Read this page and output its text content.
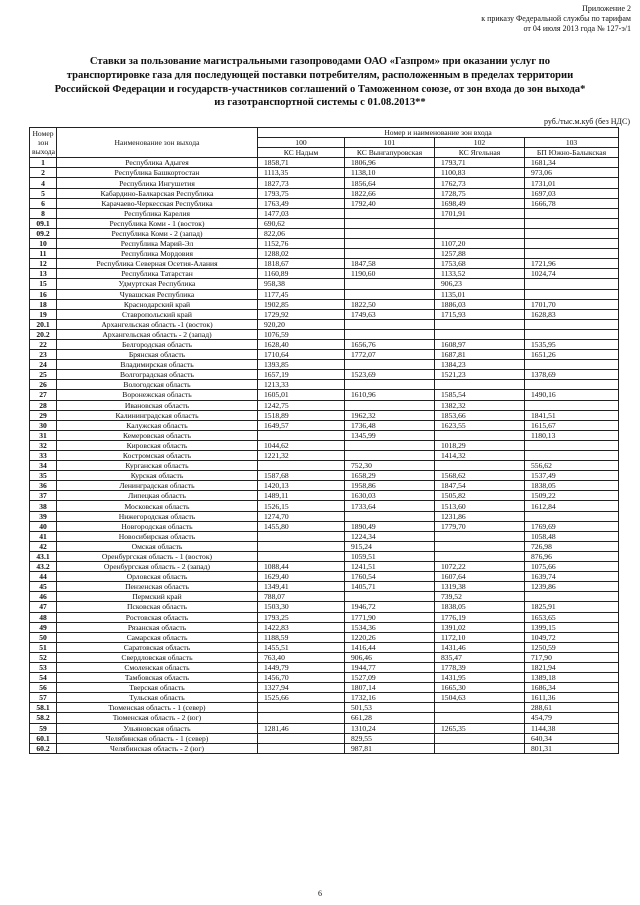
Приложение 2
к приказу Федеральной службы по тарифам
от 04 июля 2013 года № 127-э/1
Ставки за пользование магистральными газопроводами ОАО «Газпром» при оказании услуг по
транспортировке газа для последующей поставки потребителям, расположенным в пределах территории
Российской Федерации и государств-участников соглашений о Таможенном союзе, от зон входа до зон выхода*
из газотранспортной системы с 01.08.2013**
руб./тыс.м.куб (без НДС)
Номер
зон
выхода	Наименование зон выхода	Номер и наименование зон входа			
		100	101	102	103
		КС Надым	КС Вынгапуровская	КС Ягельная	БП Южно-Балыкская
1	Республика Адыгея	1858,71	1806,96	1793,71	1681,34
2	Республика Башкортостан	1113,35	1138,10	1100,83	973,06
4	Республика Ингушетия	1827,73	1856,64	1762,73	1731,01
5	Кабардино-Балкарская Республика	1793,75	1822,66	1728,75	1697,03
6	Карачаево-Черкесская Республика	1763,49	1792,40	1698,49	1666,78
8	Республика Карелия	1477,03		1701,91	
09.1	Республика Коми - 1 (восток)	690,62			
09.2	Республика Коми - 2 (запад)	822,06			
10	Республика Марий-Эл	1152,76		1107,20	
11	Республика Мордовия	1288,02		1257,88	
12	Республика Северная Осетия-Алания	1818,67	1847,58	1753,68	1721,96
13	Республика Татарстан	1160,89	1190,60	1133,52	1024,74
15	Удмуртская Республика	958,38		906,23	
16	Чувашская Республика	1177,45		1135,01	
18	Краснодарский край	1902,85	1822,50	1886,03	1701,70
19	Ставропольский край	1729,92	1749,63	1715,93	1628,83
20.1	Архангельская область -1 (восток)	920,20			
20.2	Архангельская область - 2 (запад)	1076,59			
22	Белгородская область	1628,40	1656,76	1608,97	1535,95
23	Брянская область	1710,64	1772,07	1687,81	1651,26
24	Владимирская область	1393,85		1384,23	
25	Волгоградская область	1657,19	1523,69	1521,23	1378,69
26	Вологодская область	1213,33			
27	Воронежская область	1605,01	1610,96	1585,54	1490,16
28	Ивановская область	1242,75		1382,32	
29	Калининградская область	1518,89	1962,32	1853,66	1841,51
30	Калужская область	1649,57	1736,48	1623,55	1615,67
31	Кемеровская область		1345,99		1180,13
32	Кировская область	1044,62		1018,29	
33	Костромская область	1221,32		1414,32	
34	Курганская область		752,30		556,62
35	Курская область	1587,68	1658,29	1568,62	1537,49
36	Ленинградская область	1420,13	1958,86	1847,54	1838,05
37	Липецкая область	1489,11	1630,03	1505,82	1509,22
38	Московская область	1526,15	1733,64	1513,60	1612,84
39	Нижегородская область	1274,70		1231,86	
40	Новгородская область	1455,80	1890,49	1779,70	1769,69
41	Новосибирская область		1224,34		1058,48
42	Омская область		915,24		726,98
43.1	Оренбургская область - 1 (восток)		1059,51		876,96
43.2	Оренбургская область - 2 (запад)	1088,44	1241,51	1072,22	1075,66
44	Орловская область	1629,40	1760,54	1607,64	1639,74
45	Пензенская область	1349,41	1405,71	1319,38	1239,86
46	Пермский край	788,07		739,52	
47	Псковская область	1503,30	1946,72	1838,05	1825,91
48	Ростовская область	1793,25	1771,90	1776,19	1653,65
49	Рязанская область	1422,83	1534,36	1391,02	1399,15
50	Самарская область	1188,59	1220,26	1172,10	1049,72
51	Саратовская область	1455,51	1416,44	1431,46	1250,59
52	Свердловская область	763,40	906,46	835,47	717,90
53	Смоленская область	1449,79	1944,77	1778,39	1821,94
54	Тамбовская область	1456,70	1527,09	1431,95	1389,18
56	Тверская область	1327,94	1807,14	1665,30	1686,34
57	Тульская область	1525,66	1732,16	1504,63	1611,36
58.1	Тюменская область - 1 (север)		501,53		288,61
58.2	Тюменская область - 2 (юг)		661,28		454,79
59	Ульяновская область	1281,46	1310,24	1265,35	1144,38
60.1	Челябинская область - 1 (север)		829,55		640,34
60.2	Челябинская область - 2 (юг)		987,81		801,31
6
